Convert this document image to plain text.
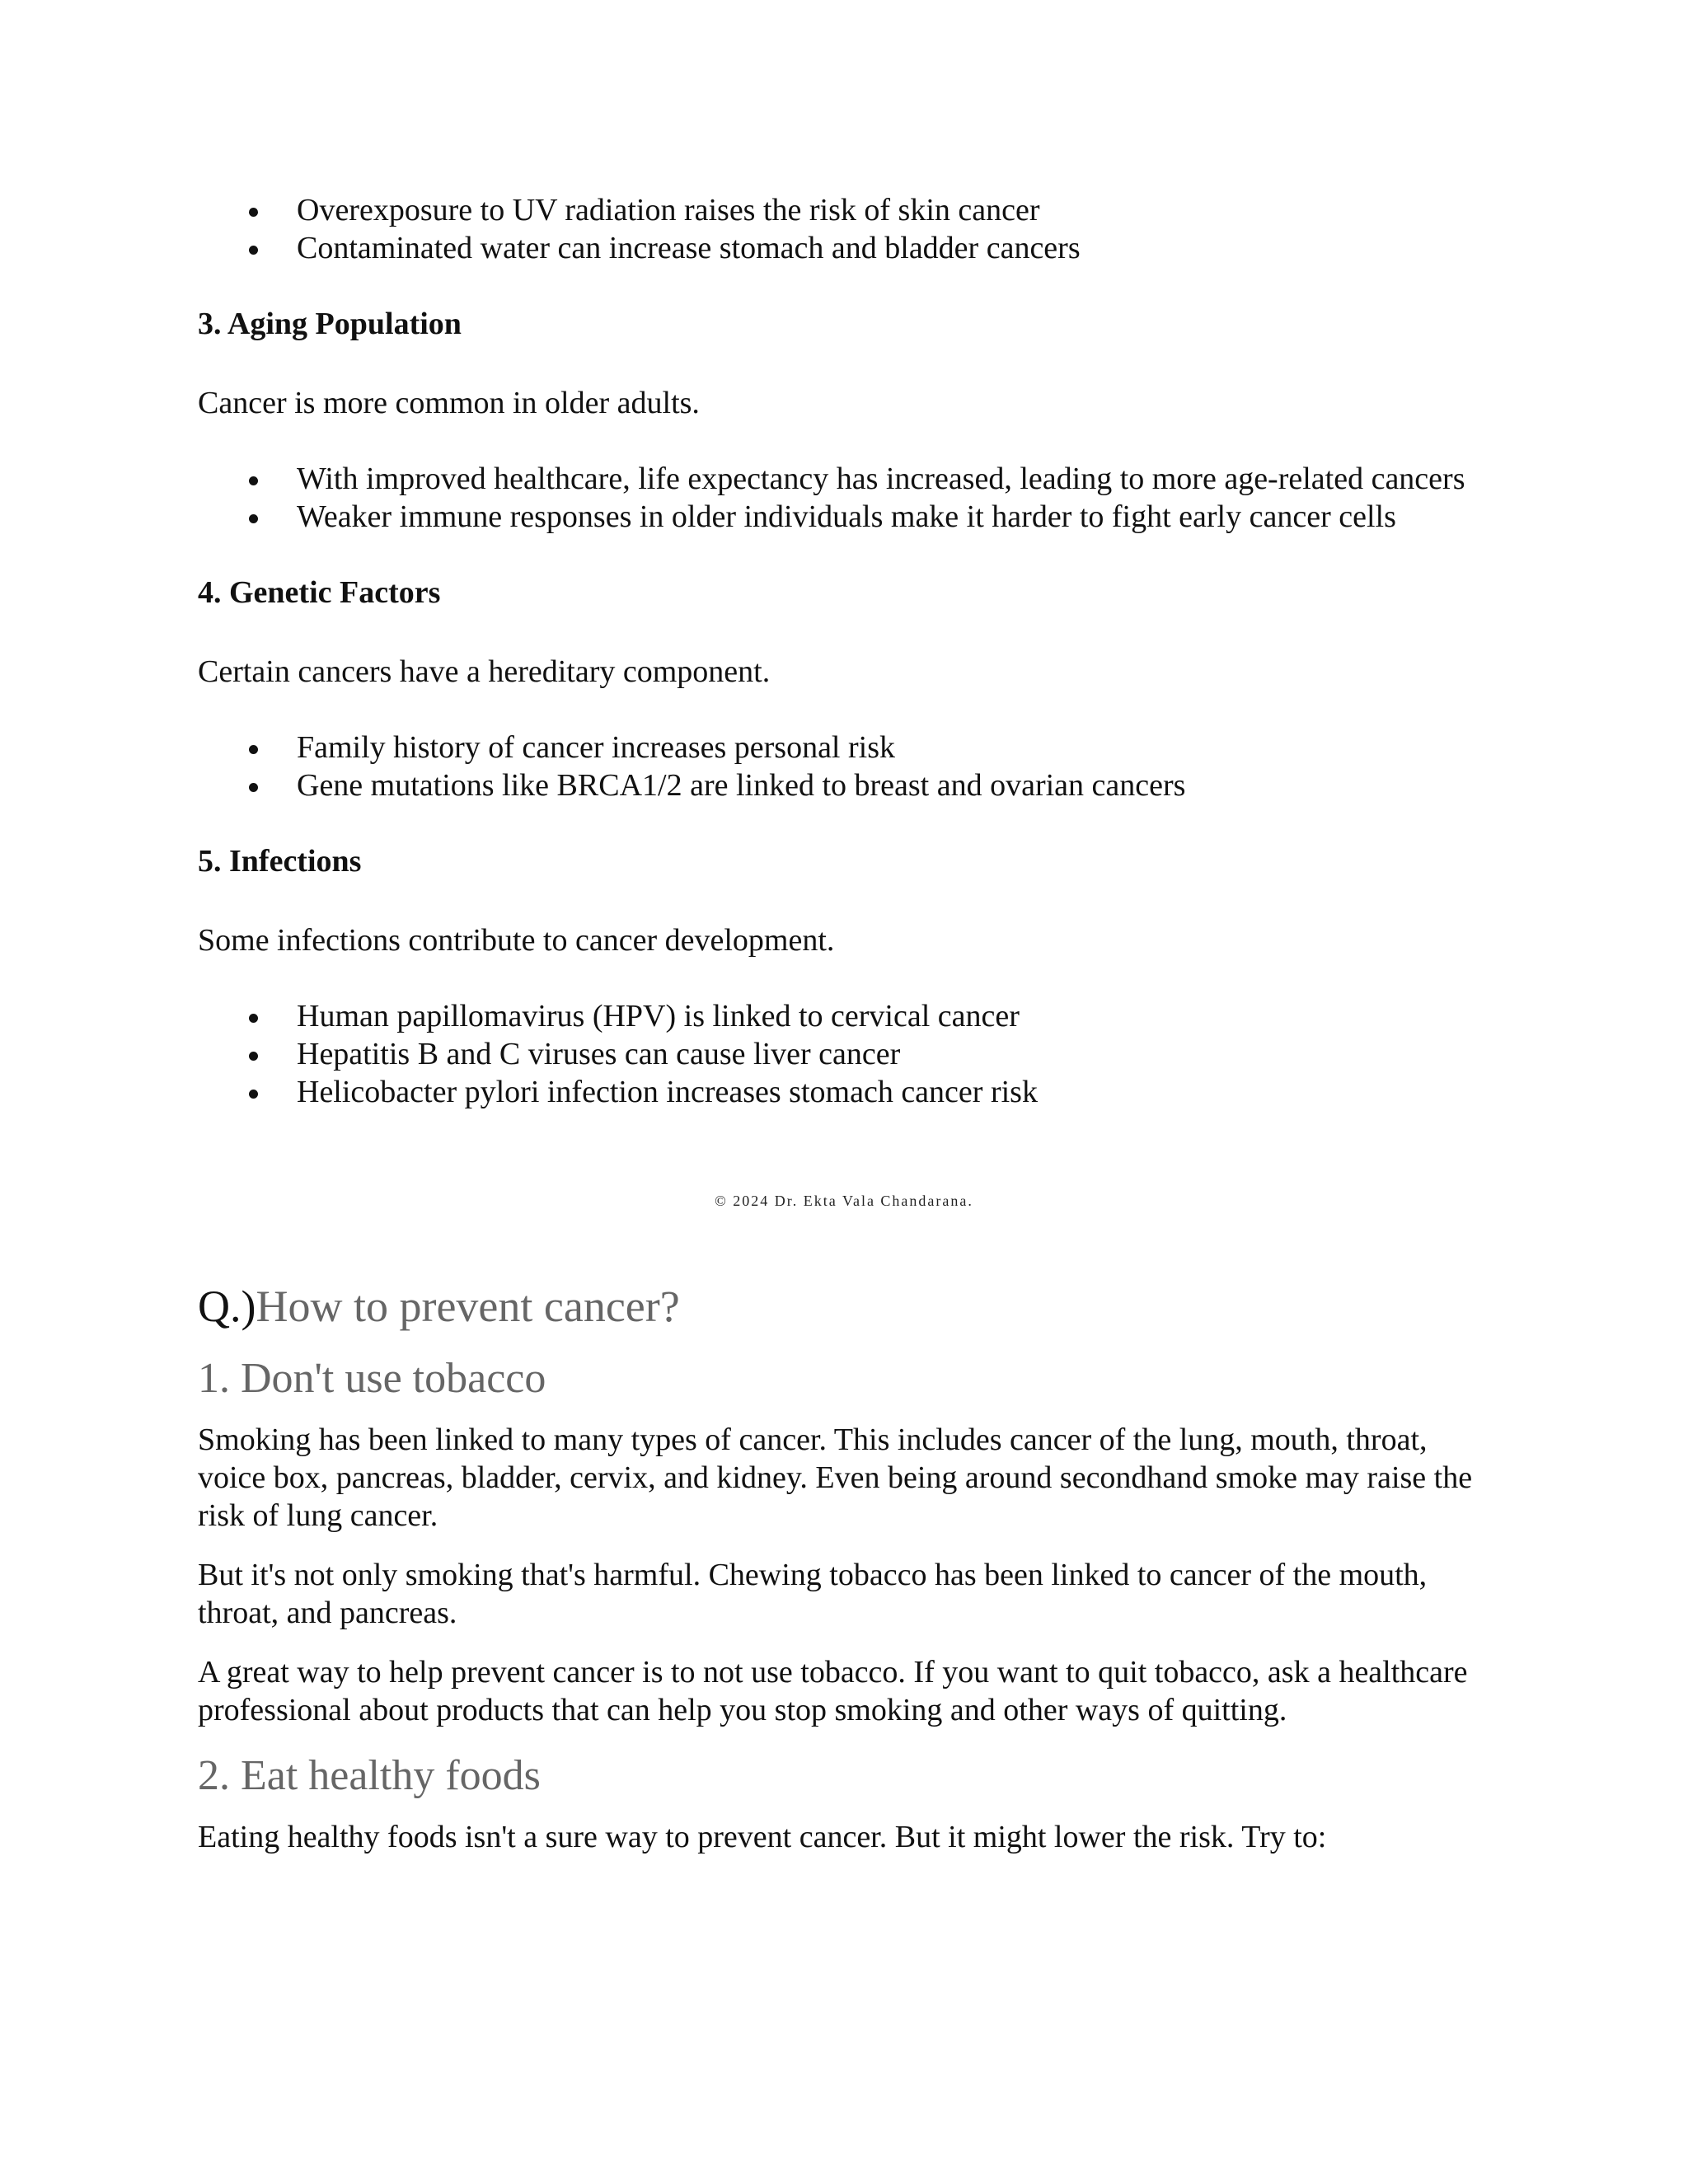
Overexposure to UV radiation raises the risk of skin cancer
Contaminated water can increase stomach and bladder cancers

3. Aging Population

Cancer is more common in older adults.

With improved healthcare, life expectancy has increased, leading to more age-related cancers
Weaker immune responses in older individuals make it harder to fight early cancer cells

4. Genetic Factors

Certain cancers have a hereditary component.

Family history of cancer increases personal risk
Gene mutations like BRCA1/2 are linked to breast and ovarian cancers

5. Infections

Some infections contribute to cancer development.

Human papillomavirus (HPV) is linked to cervical cancer
Hepatitis B and C viruses can cause liver cancer
Helicobacter pylori infection increases stomach cancer risk
© 2024 Dr. Ekta Vala Chandarana.

Q.)How to prevent cancer?

1. Don't use tobacco

Smoking has been linked to many types of cancer. This includes cancer of the lung, mouth, throat, voice box, pancreas, bladder, cervix, and kidney. Even being around secondhand smoke may raise the risk of lung cancer.

But it's not only smoking that's harmful. Chewing tobacco has been linked to cancer of the mouth, throat, and pancreas.

A great way to help prevent cancer is to not use tobacco. If you want to quit tobacco, ask a healthcare professional about products that can help you stop smoking and other ways of quitting.

2. Eat healthy foods

Eating healthy foods isn't a sure way to prevent cancer. But it might lower the risk. Try to:
